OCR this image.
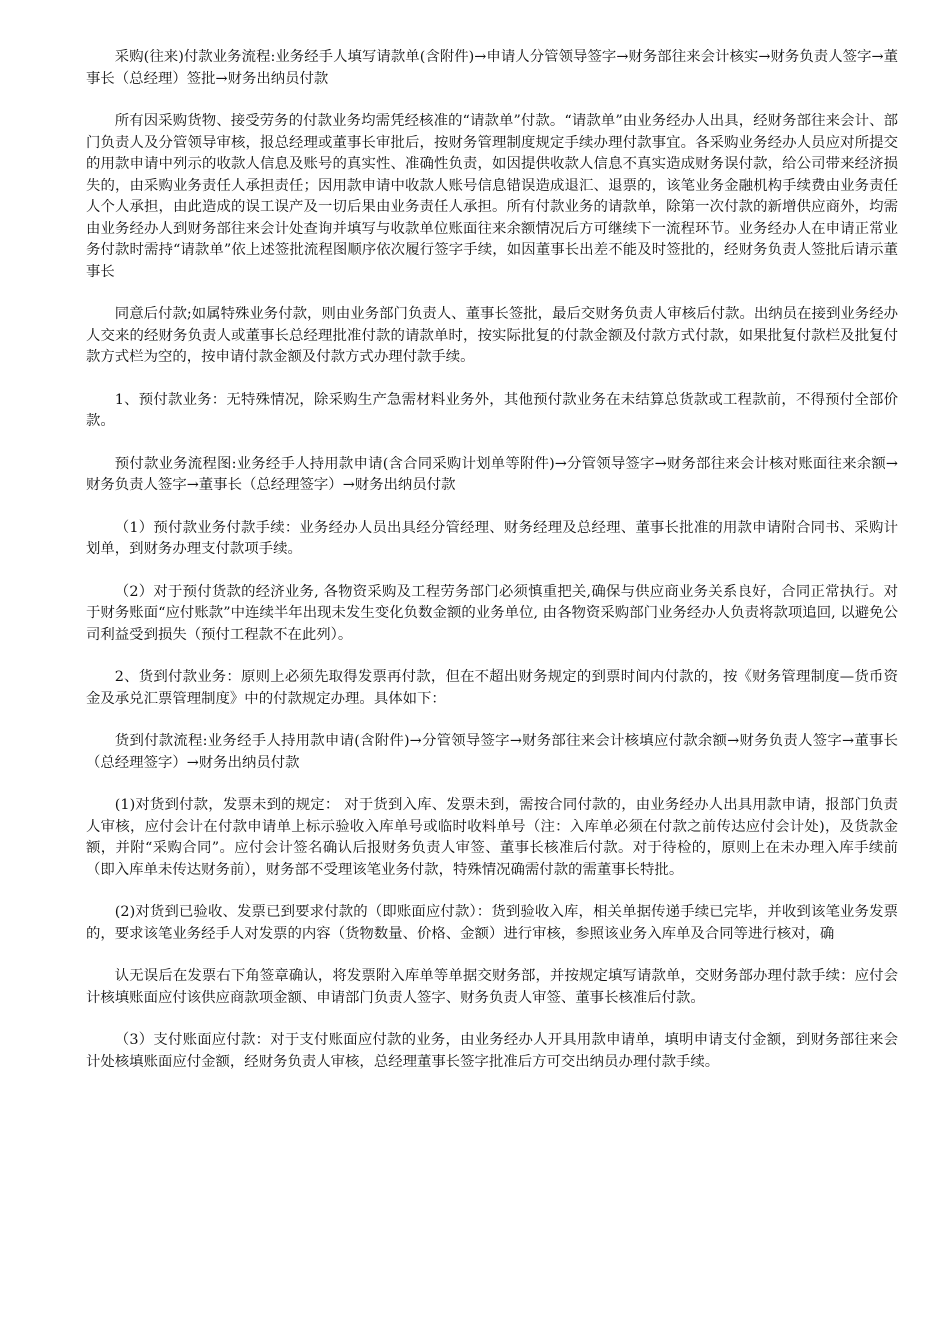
采购(往来)付款业务流程:业务经手人填写请款单(含附件)→申请人分管领导签字→财务部往来会计核实→财务负责人签字→董事长（总经理）签批→财务出纳员付款

所有因采购货物、接受劳务的付款业务均需凭经核准的“请款单”付款。“请款单”由业务经办人出具，经财务部往来会计、部门负责人及分管领导审核，报总经理或董事长审批后，按财务管理制度规定手续办理付款事宜。各采购业务经办人员应对所提交的用款申请中列示的收款人信息及账号的真实性、准确性负责，如因提供收款人信息不真实造成财务误付款，给公司带来经济损失的，由采购业务责任人承担责任；因用款申请中收款人账号信息错误造成退汇、退票的，该笔业务金融机构手续费由业务责任人个人承担，由此造成的误工误产及一切后果由业务责任人承担。所有付款业务的请款单，除第一次付款的新增供应商外，均需由业务经办人到财务部往来会计处查询并填写与收款单位账面往来余额情况后方可继续下一流程环节。业务经办人在申请正常业务付款时需持“请款单”依上述签批流程图顺序依次履行签字手续，如因董事长出差不能及时签批的，经财务负责人签批后请示董事长

同意后付款;如属特殊业务付款，则由业务部门负责人、董事长签批，最后交财务负责人审核后付款。出纳员在接到业务经办人交来的经财务负责人或董事长总经理批准付款的请款单时，按实际批复的付款金额及付款方式付款，如果批复付款栏及批复付款方式栏为空的，按申请付款金额及付款方式办理付款手续。

1、预付款业务：无特殊情况，除采购生产急需材料业务外，其他预付款业务在未结算总货款或工程款前，不得预付全部价款。

预付款业务流程图:业务经手人持用款申请(含合同采购计划单等附件)→分管领导签字→财务部往来会计核对账面往来余额→财务负责人签字→董事长（总经理签字）→财务出纳员付款

（1）预付款业务付款手续：业务经办人员出具经分管经理、财务经理及总经理、董事长批准的用款申请附合同书、采购计划单，到财务办理支付款项手续。

（2）对于预付货款的经济业务, 各物资采购及工程劳务部门必须慎重把关,确保与供应商业务关系良好，合同正常执行。对于财务账面“应付账款”中连续半年出现未发生变化负数金额的业务单位, 由各物资采购部门业务经办人负责将款项追回, 以避免公司利益受到损失（预付工程款不在此列）。

2、货到付款业务：原则上必须先取得发票再付款，但在不超出财务规定的到票时间内付款的，按《财务管理制度—货币资金及承兑汇票管理制度》中的付款规定办理。具体如下：

货到付款流程:业务经手人持用款申请(含附件)→分管领导签字→财务部往来会计核填应付款余额→财务负责人签字→董事长（总经理签字）→财务出纳员付款

(1)对货到付款，发票未到的规定： 对于货到入库、发票未到，需按合同付款的，由业务经办人出具用款申请，报部门负责人审核，应付会计在付款申请单上标示验收入库单号或临时收料单号（注：入库单必须在付款之前传达应付会计处)，及货款金额，并附“采购合同”。应付会计签名确认后报财务负责人审签、董事长核准后付款。对于待检的，原则上在未办理入库手续前（即入库单未传达财务前），财务部不受理该笔业务付款，特殊情况确需付款的需董事长特批。

(2)对货到已验收、发票已到要求付款的（即账面应付款）：货到验收入库，相关单据传递手续已完毕，并收到该笔业务发票的，要求该笔业务经手人对发票的内容（货物数量、价格、金额）进行审核，参照该业务入库单及合同等进行核对，确

认无误后在发票右下角签章确认，将发票附入库单等单据交财务部，并按规定填写请款单，交财务部办理付款手续：应付会计核填账面应付该供应商款项金额、申请部门负责人签字、财务负责人审签、董事长核准后付款。

（3）支付账面应付款：对于支付账面应付款的业务，由业务经办人开具用款申请单，填明申请支付金额，到财务部往来会计处核填账面应付金额，经财务负责人审核，总经理董事长签字批准后方可交出纳员办理付款手续。
